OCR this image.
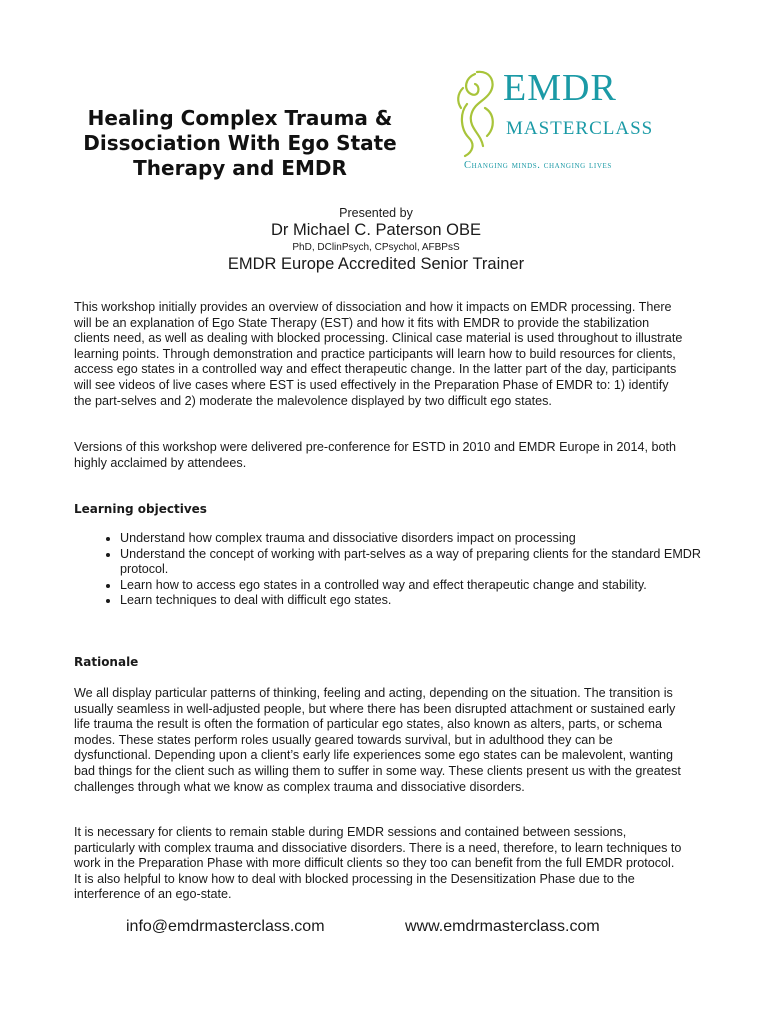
Healing Complex Trauma &
Dissociation With Ego State
Therapy and EMDR
EMDR
MASTERCLASS
Changing minds. changing lives
Presented by
Dr Michael C. Paterson OBE
PhD, DClinPsych, CPsychol, AFBPsS
EMDR Europe Accredited Senior Trainer

This workshop initially provides an overview of dissociation and how it impacts on EMDR processing. There will be an explanation of Ego State Therapy (EST) and how it fits with EMDR to provide the stabilization clients need, as well as dealing with blocked processing. Clinical case material is used throughout to illustrate learning points. Through demonstration and practice participants will learn how to build resources for clients, access ego states in a controlled way and effect therapeutic change. In the latter part of the day, participants will see videos of live cases where EST is used effectively in the Preparation Phase of EMDR to: 1) identify the part-selves and 2) moderate the malevolence displayed by two difficult ego states.

Versions of this workshop were delivered pre-conference for ESTD in 2010 and EMDR Europe in 2014, both highly acclaimed by attendees.

Learning objectives
• Understand how complex trauma and dissociative disorders impact on processing
• Understand the concept of working with part-selves as a way of preparing clients for the standard EMDR protocol.
• Learn how to access ego states in a controlled way and effect therapeutic change and stability.
• Learn techniques to deal with difficult ego states.
Rationale

We all display particular patterns of thinking, feeling and acting, depending on the situation. The transition is usually seamless in well-adjusted people, but where there has been disrupted attachment or sustained early life trauma the result is often the formation of particular ego states, also known as alters, parts, or schema modes. These states perform roles usually geared towards survival, but in adulthood they can be dysfunctional. Depending upon a client’s early life experiences some ego states can be malevolent, wanting bad things for the client such as willing them to suffer in some way. These clients present us with the greatest challenges through what we know as complex trauma and dissociative disorders.

It is necessary for clients to remain stable during EMDR sessions and contained between sessions, particularly with complex trauma and dissociative disorders. There is a need, therefore, to learn techniques to work in the Preparation Phase with more difficult clients so they too can benefit from the full EMDR protocol. It is also helpful to know how to deal with blocked processing in the Desensitization Phase due to the interference of an ego-state.

info@emdrmasterclass.com	www.emdrmasterclass.com
